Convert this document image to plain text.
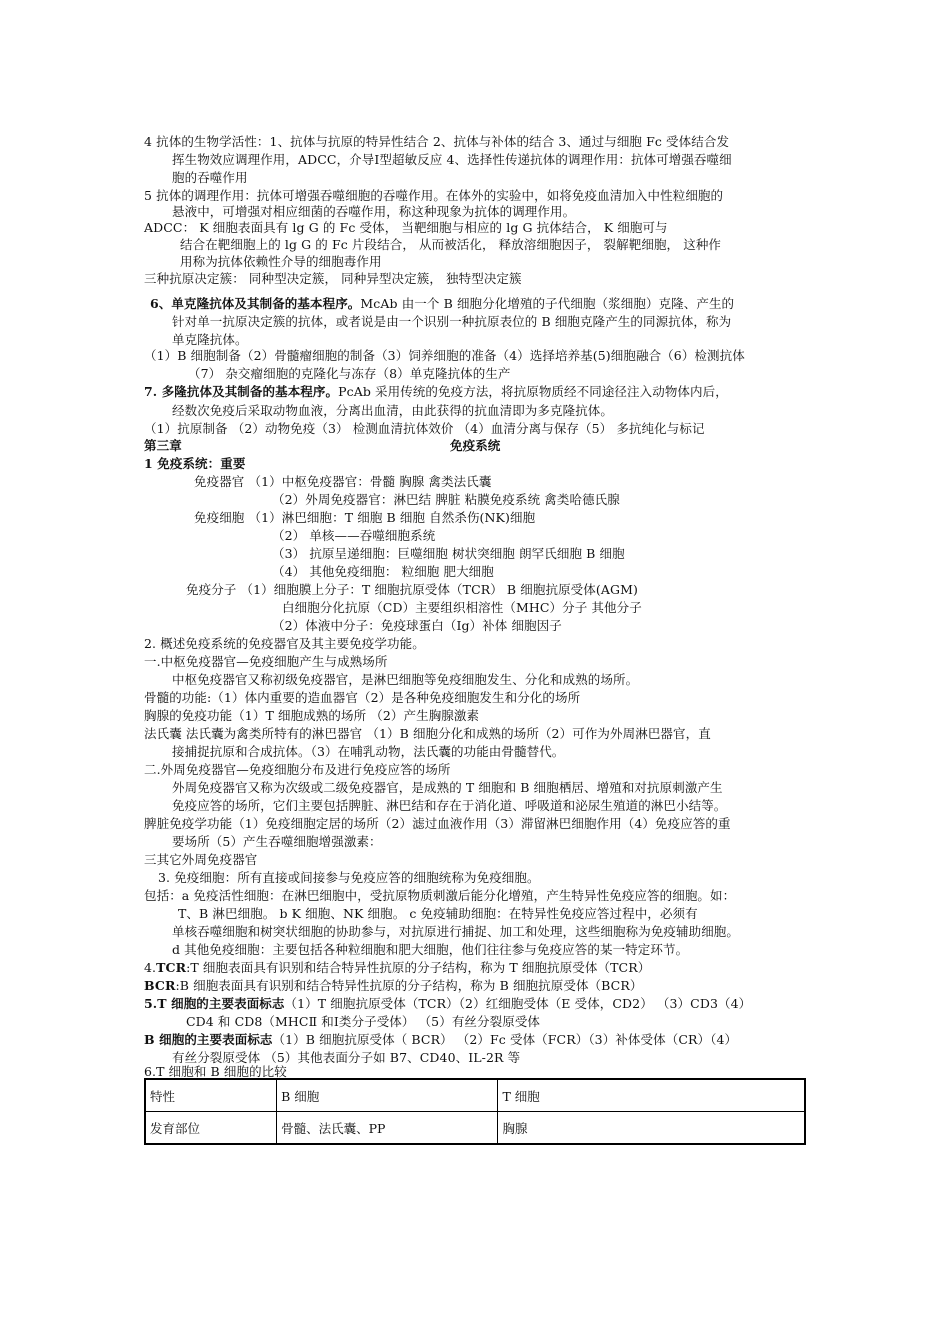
4 抗体的生物学活性：1、抗体与抗原的特异性结合 2、抗体与补体的结合 3、通过与细胞 Fc 受体结合发
挥生物效应调理作用，ADCC，介导Ⅰ型超敏反应 4、选择性传递抗体的调理作用：抗体可增强吞噬细
胞的吞噬作用
5 抗体的调理作用：抗体可增强吞噬细胞的吞噬作用。在体外的实验中，如将免疫血清加入中性粒细胞的
悬液中，可增强对相应细菌的吞噬作用，称这种现象为抗体的调理作用。
ADCC： K 细胞表面具有 lg G 的 Fc 受体， 当靶细胞与相应的 lg G 抗体结合， K 细胞可与
结合在靶细胞上的 lg G 的 Fc 片段结合， 从而被活化， 释放溶细胞因子， 裂解靶细胞， 这种作
用称为抗体依赖性介导的细胞毒作用
三种抗原决定簇： 同种型决定簇， 同种异型决定簇， 独特型决定簇
6、单克隆抗体及其制备的基本程序。McAb 由一个 B 细胞分化增殖的子代细胞（浆细胞）克隆、产生的
针对单一抗原决定簇的抗体，或者说是由一个识别一种抗原表位的 B 细胞克隆产生的同源抗体，称为
单克隆抗体。
（1）B 细胞制备（2）骨髓瘤细胞的制备（3）饲养细胞的准备（4）选择培养基(5)细胞融合（6）检测抗体
（7） 杂交瘤细胞的克隆化与冻存（8）单克隆抗体的生产
7. 多隆抗体及其制备的基本程序。PcAb 采用传统的免疫方法，将抗原物质经不同途径注入动物体内后，
经数次免疫后采取动物血液，分离出血清，由此获得的抗血清即为多克隆抗体。
（1）抗原制备 （2）动物免疫（3） 检测血清抗体效价 （4）血清分离与保存（5） 多抗纯化与标记
第三章	免疫系统
1 免疫系统：重要
免疫器官 （1）中枢免疫器官：骨髓 胸腺 禽类法氏囊
（2）外周免疫器官：淋巴结 脾脏 粘膜免疫系统 禽类哈德氏腺
免疫细胞 （1）淋巴细胞：T 细胞 B 细胞 自然杀伤(NK)细胞
（2） 单核——吞噬细胞系统
（3） 抗原呈递细胞：巨噬细胞 树状突细胞 朗罕氏细胞 B 细胞
（4） 其他免疫细胞： 粒细胞 肥大细胞
免疫分子 （1）细胞膜上分子：T 细胞抗原受体（TCR） B 细胞抗原受体(AGM)
白细胞分化抗原（CD）主要组织相溶性（MHC）分子 其他分子
（2）体液中分子：免疫球蛋白（Ig）补体 细胞因子
2. 概述免疫系统的免疫器官及其主要免疫学功能。
一.中枢免疫器官—免疫细胞产生与成熟场所
中枢免疫器官又称初级免疫器官，是淋巴细胞等免疫细胞发生、分化和成熟的场所。
骨髓的功能:（1）体内重要的造血器官（2）是各种免疫细胞发生和分化的场所
胸腺的免疫功能（1）T 细胞成熟的场所 （2）产生胸腺激素
法氏囊 法氏囊为禽类所特有的淋巴器官 （1）B 细胞分化和成熟的场所（2）可作为外周淋巴器官，直
接捕捉抗原和合成抗体。（3）在哺乳动物，法氏囊的功能由骨髓替代。
二.外周免疫器官—免疫细胞分布及进行免疫应答的场所
外周免疫器官又称为次级或二级免疫器官，是成熟的 T 细胞和 B 细胞栖居、增殖和对抗原刺激产生
免疫应答的场所，它们主要包括脾脏、淋巴结和存在于消化道、呼吸道和泌尿生殖道的淋巴小结等。
脾脏免疫学功能（1）免疫细胞定居的场所（2）滤过血液作用（3）滞留淋巴细胞作用（4）免疫应答的重
要场所（5）产生吞噬细胞增强激素：
三其它外周免疫器官
3. 免疫细胞：所有直接或间接参与免疫应答的细胞统称为免疫细胞。
包括：a 免疫活性细胞：在淋巴细胞中，受抗原物质刺激后能分化增殖，产生特异性免疫应答的细胞。如：
T、B 淋巴细胞。 b K 细胞、NK 细胞。 c 免疫辅助细胞：在特异性免疫应答过程中，必须有
单核吞噬细胞和树突状细胞的协助参与，对抗原进行捕捉、加工和处理，这些细胞称为免疫辅助细胞。
d 其他免疫细胞：主要包括各种粒细胞和肥大细胞，他们往往参与免疫应答的某一特定环节。
4.TCR:T 细胞表面具有识别和结合特异性抗原的分子结构，称为 T 细胞抗原受体（TCR）
BCR:B 细胞表面具有识别和结合特异性抗原的分子结构，称为 B 细胞抗原受体（BCR）
5.T 细胞的主要表面标志（1）T 细胞抗原受体（TCR）（2）红细胞受体（E 受体，CD2） （3）CD3（4）
CD4 和 CD8（MHCⅡ 和Ⅰ类分子受体） （5）有丝分裂原受体
B 细胞的主要表面标志（1）B 细胞抗原受体（ BCR） （2）Fc 受体（FCR）（3）补体受体（CR）（4）
有丝分裂原受体 （5）其他表面分子如 B7、CD40、IL-2R 等
6.T 细胞和 B 细胞的比较
特性	B 细胞	T 细胞
发育部位	骨髓、法氏囊、PP	胸腺
